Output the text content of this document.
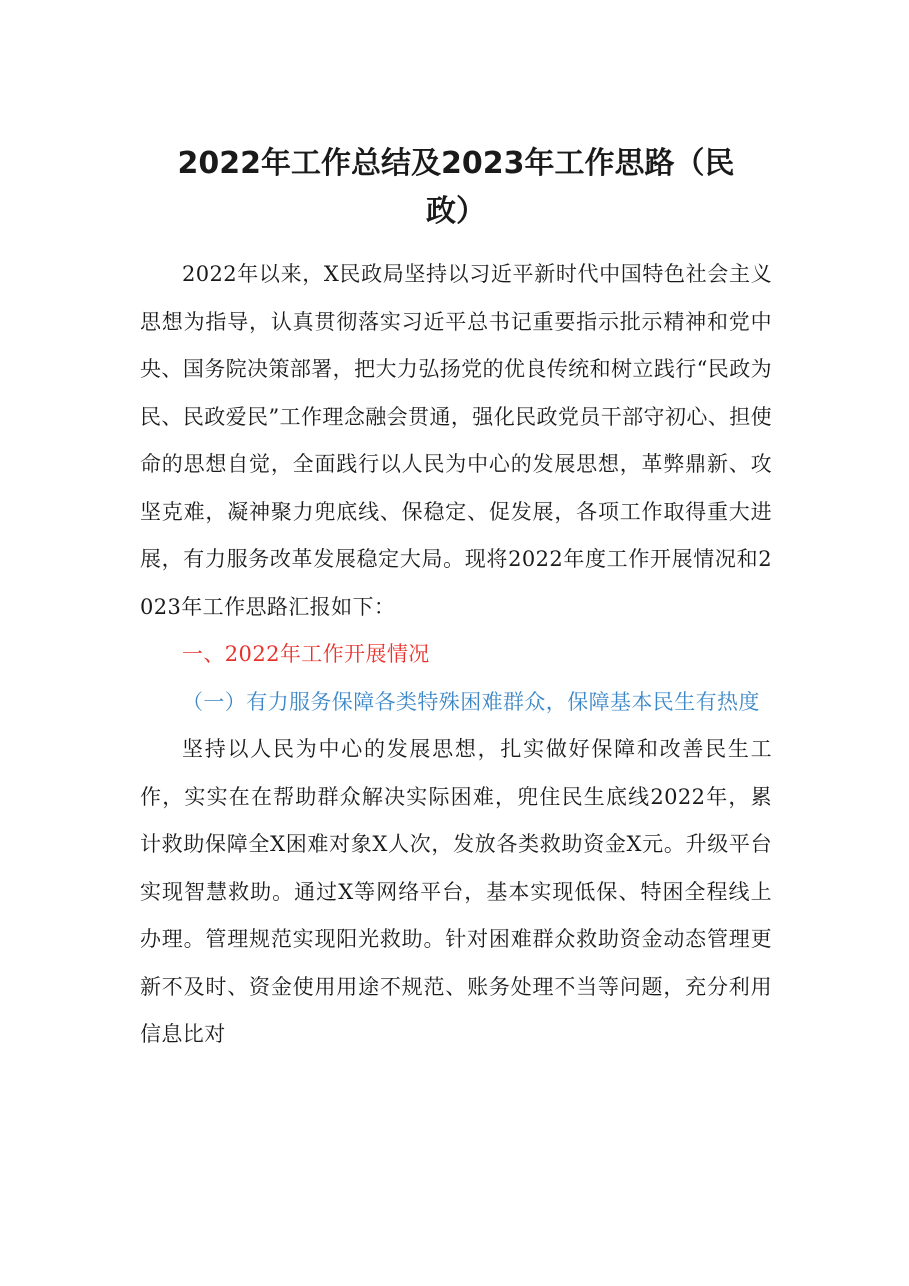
2022年工作总结及2023年工作思路（民
政）

2022年以来，X民政局坚持以习近平新时代中国特色社会主义思想为指导，认真贯彻落实习近平总书记重要指示批示精神和党中央、国务院决策部署，把大力弘扬党的优良传统和树立践行“民政为民、民政爱民”工作理念融会贯通，强化民政党员干部守初心、担使命的思想自觉，全面践行以人民为中心的发展思想，革弊鼎新、攻坚克难，凝神聚力兜底线、保稳定、促发展，各项工作取得重大进展，有力服务改革发展稳定大局。现将2022年度工作开展情况和2023年工作思路汇报如下：

一、2022年工作开展情况

（一）有力服务保障各类特殊困难群众，保障基本民生有热度

坚持以人民为中心的发展思想，扎实做好保障和改善民生工作，实实在在帮助群众解决实际困难，兜住民生底线2022年，累计救助保障全X困难对象X人次，发放各类救助资金X元。升级平台实现智慧救助。通过X等网络平台，基本实现低保、特困全程线上办理。管理规范实现阳光救助。针对困难群众救助资金动态管理更新不及时、资金使用用途不规范、账务处理不当等问题，充分利用信息比对
